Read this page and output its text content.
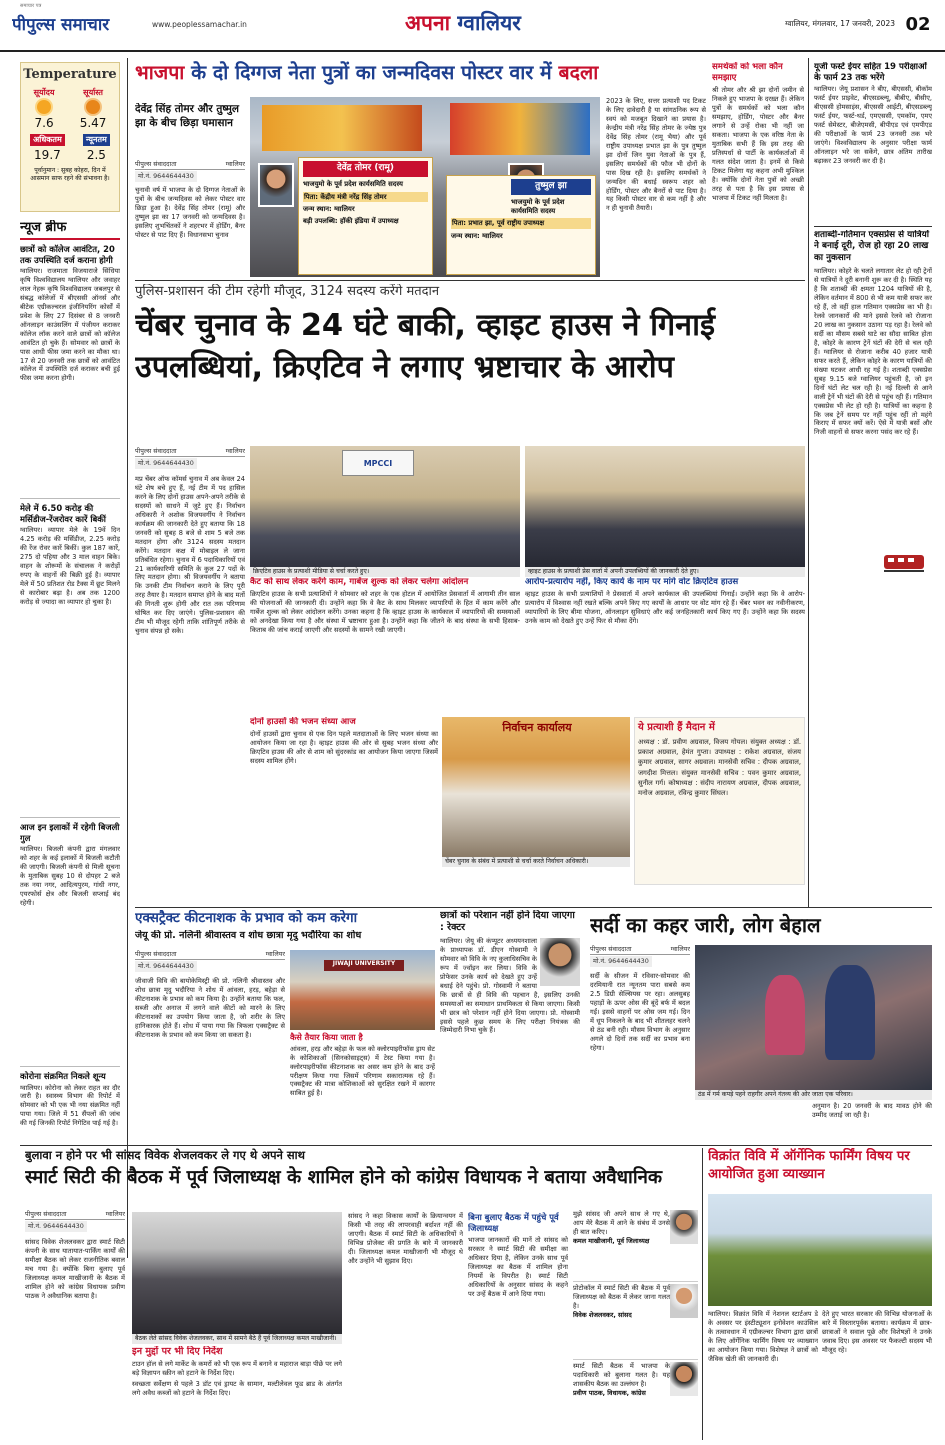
पीपुल्स समाचार
समाचार पत्र
www.peoplessamachar.in	अपना ग्वालियर	ग्वालियर, मंगलवार, 17 जनवरी, 2023 02
Temperature
सूर्योदय
7.6
सूर्यास्त
5.47
अधिकतम	न्यूनतम
19.7 2.5
पूर्वानुमान : सुबह कोहरा, दिन में आसमान साफ रहने की संभावना है।
न्यूज ब्रीफ
छात्रों को कॉलेज आवंटित, 20 तक उपस्थिति दर्ज कराना होगी
ग्वालियर। राजमाता विजयाराजे सिंधिया कृषि विश्वविद्यालय ग्वालियर और जवाहर लाल नेहरू कृषि विश्वविद्यालय जबलपुर से संबद्ध कॉलेजों में बीएससी ऑनर्स और बीटेक एग्रीकल्चरल इंजीनियरिंग कोर्सों में प्रवेश के लिए 27 दिसंबर से 8 जनवरी ऑनलाइन काउंसलिंग में पंजीयन कराकर कॉलेज लॉक करने वाले छात्रों को कॉलेज आवंटित हो चुके हैं। सोमवार को छात्रों के पास आधी फीस जमा करने का मौका था। 17 से 20 जनवरी तक छात्रों को आवंटित कॉलेज में उपस्थिति दर्ज कराकर बची हुई फीस जमा करना होगी।
मेले में 6.50 करोड़ की मर्सिडीज-रेंजरोवर कारें बिकीं
ग्वालियर। व्यापार मेले के 19वें दिन 4.25 करोड़ की मर्सिडीज, 2.25 करोड़ की रेंज रोवर कारें बिकीं। कुल 187 कारें, 275 दो पहिया और 3 माल वाहन बिके। वाहन के शोरूमों के संचालक ने करोड़ों रुपए के वाहनों की बिक्री हुई है। व्यापार मेले में 50 प्रतिशत रोड टैक्स में छूट मिलने से कारोबार बढ़ा है। अब तक 1200 करोड़ से ज्यादा का व्यापार हो चुका है।
आज इन इलाकों में रहेगी बिजली गुल
ग्वालियर। बिजली कंपनी द्वारा मंगलवार को शहर के कई इलाकों में बिजली कटौती की जाएगी। बिजली कंपनी से मिली सूचना के मुताबिक सुबह 10 से दोपहर 2 बजे तक नया नगर, आदित्यपुरम, गांधी नगर, एयरफोर्स क्षेत्र और बिजली सप्लाई बंद रहेगी।
कोरोना संक्रमित निकले शून्य
ग्वालियर। कोरोना को लेकर राहत का दौर जारी है। स्वास्थ्य विभाग की रिपोर्ट में सोमवार को भी एक भी नया संक्रमित नहीं पाया गया। जिले में 51 सैंपलों की जांच की गई जिनकी रिपोर्ट निगेटिव पाई गई है।
भाजपा के दो दिग्गज नेता पुत्रों का जन्मदिवस पोस्टर वार में बदला
देवेंद्र सिंह तोमर और तुष्मुल झा के बीच छिड़ा घमासान
पीपुल्स संवाददाता	ग्वालियर
मो.नं. 9644644430
चुनावी वर्ष में भाजपा के दो दिग्गज नेताओं के पुत्रों के बीच जन्मदिवस को लेकर पोस्टर वार छिड़ा हुआ है। देवेंद्र सिंह तोमर (रामू) और तुष्मुल झा का 17 जनवरी को जन्मदिवस है। इसलिए शुभचिंतकों ने शहरभर में होर्डिंग, बैनर पोस्टर से पाट दिए हैं। विधानसभा चुनाव
देवेंद्र तोमर (रामू)
भाजयुमो के पूर्व प्रदेश कार्यसमिति सदस्य
पिता: केंद्रीय मंत्री नरेंद्र सिंह तोमर
जन्म स्थान: ग्वालियर
बड़ी उपलब्धि: हॉकी इंडिया में उपाध्यक्ष
तुष्मुल झा
भाजयुमो के पूर्व प्रदेश कार्यसमिति सदस्य
पिता: प्रभात झा, पूर्व राष्ट्रीय उपाध्यक्ष
जन्म स्थान: ग्वालियर
2023 के लिए, सत्तर प्रत्याशी पद टिकट के लिए दावेदारी है या सांगठनिक रूप से स्वयं को मजबूत दिखाने का प्रयास है। केन्द्रीय मंत्री नरेंद्र सिंह तोमर के ज्येष्ठ पुत्र देवेंद्र सिंह तोमर (रामू भैया) और पूर्व राष्ट्रीय उपाध्यक्ष प्रभात झा के पुत्र तुष्मुल झा दोनों जिन युवा नेताओं के पुत्र हैं, इसलिए समर्थकों की फौज भी दोनों के पास दिख रही है। इसलिए समर्थकों ने जन्मदिन की बधाई स्वरूप शहर को होर्डिंग, पोस्टर और बैनरों से पाट दिया है। यह किसी पोस्टर वार से कम नहीं है और न ही चुनावी तैयारी।
समर्थकों को भला कौन समझाए
श्री तोमर और श्री झा दोनों जमीन से निकले हुए भाजपा के दरख़्त हैं। लेकिन पुत्रों के समर्थकों को भला कौन समझाए, होर्डिंग, पोस्टर और बैनर लगाने से उन्हें रोका भी नहीं जा सकता। भाजपा के एक वरिष्ठ नेता के मुताबिक सभी हैं कि इस तरह की प्रतिस्पर्धा से पार्टी के कार्यकर्ताओं में गलत संदेश जाता है। इनमें से किसे टिकट मिलेगा यह कहना अभी मुश्किल है। क्योंकि दोनों नेता पुत्रों को अच्छी तरह से पता है कि इस प्रयास से भाजपा में टिकट नहीं मिलता है।
यूजी फर्स्ट ईयर सहित 19 परीक्षाओं के फार्म 23 तक भरेंगे
ग्वालियर। जेयू प्रशासन ने बीए, बीएससी, बीकॉम फर्स्ट ईयर प्राइवेट, बीएसडब्ल्यू, बीबीए, बीसीए, बीएससी होमसाइंस, बीएससी आईटी, बीएसडब्ल्यू फर्स्ट ईयर, फर्स्ट-थर्ड, एमएससी, एमकॉम, एमए फर्स्ट सेमेस्टर, बीजेएमसी, बीपीएड एवं एमपीएड की परीक्षाओं के फार्म 23 जनवरी तक भरे जाएंगे। विश्वविद्यालय के अनुसार परीक्षा फार्म ऑनलाइन भरे जा सकेंगे, छात्र अंतिम तारीख बढ़ाकर 23 जनवरी कर दी है।
शताब्दी-गतिमान एक्सप्रेस से यात्रियों ने बनाई दूरी, रोज हो रहा 20 लाख का नुकसान
ग्वालियर। कोहरे के चलते लगातार लेट हो रही ट्रेनों से यात्रियों ने दूरी बनानी शुरू कर दी है। स्थिति यह है कि शताब्दी की क्षमता 1204 यात्रियों की है, लेकिन वर्तमान में 800 से भी कम यात्री सफर कर रहे हैं, तो वहीं हाल गतिमान एक्सप्रेस का भी है। रेलवे जानकारों की माने इससे रेलवे को रोजाना 20 लाख का नुकसान उठाना पड़ रहा है। रेलवे को सर्दी का मौसम सबसे घाटे का सौदा साबित होता है, कोहरे के कारण ट्रेनें घंटों की देरी से चल रही हैं। ग्वालियर से रोजाना करीब 40 हजार यात्री सफर करते हैं, लेकिन कोहरे के कारण यात्रियों की संख्या घटकर आधी रह गई है। शताब्दी एक्सप्रेस सुबह 9.15 बजे ग्वालियर पहुंचती है, जो इन दिनों घंटों लेट चल रही है। नई दिल्ली से आने वाली ट्रेनें भी घंटों की देरी से पहुंच रही हैं। गतिमान एक्सप्रेस भी लेट हो रही है। यात्रियों का कहना है कि जब ट्रेनें समय पर नहीं पहुंच रहीं तो महंगे किराए में सफर क्यों करें। ऐसे में यात्री बसों और निजी वाहनों से सफर करना पसंद कर रहे हैं।
पुलिस-प्रशासन की टीम रहेगी मौजूद, 3124 सदस्य करेंगे मतदान
चेंबर चुनाव के 24 घंटे बाकी, व्हाइट हाउस ने गिनाई उपलब्धियां, क्रिएटिव ने लगाए भ्रष्टाचार के आरोप
पीपुल्स संवाददाता	ग्वालियर
मो.नं. 9644644430
मप्र चेंबर ऑफ कॉमर्स चुनाव में अब केवल 24 घंटे शेष बचे हुए हैं, नई टीम में पद हासिल करने के लिए दोनों हाउस अपने-अपने तरीके से सदस्यों को साधने में जुटे हुए हैं। निर्वाचन अधिकारी ने अशोक विजयवर्गीय ने निर्वाचन कार्यक्रम की जानकारी देते हुए बताया कि 18 जनवरी को सुबह 8 बजे से शाम 5 बजे तक मतदान होगा और 3124 सदस्य मतदान करेंगे। मतदान कक्ष में मोबाइल ले जाना प्रतिबंधित रहेगा। चुनाव में 6 पदाधिकारियों एवं 21 कार्यकारिणी समिति के कुल 27 पदों के लिए मतदान होगा। श्री विजयवर्गीय ने बताया कि उनकी टीम निर्वाचन कराने के लिए पूरी तरह तैयार है। मतदान समाप्त होने के बाद मतों की गिनती शुरू होगी और रात तक परिणाम घोषित कर दिए जाएंगे। पुलिस-प्रशासन की टीम भी मौजूद रहेगी ताकि शांतिपूर्ण तरीके से चुनाव संपन्न हो सके।
MPCCI
क्रिएटिव हाउस के प्रत्याशी मीडिया से चर्चा करते हुए।	व्हाइट हाउस के प्रत्याशी प्रेस वार्ता में अपनी उपलब्धियों की जानकारी देते हुए।
कैट को साथ लेकर करेंगे काम, गार्बेज शुल्क को लेकर चलेगा आंदोलन
क्रिएटिव हाउस के सभी प्रत्याशियों ने सोमवार को शहर के एक होटल में आयोजित प्रेसवार्ता में आगामी तीन साल की योजनाओं की जानकारी दी। उन्होंने कहा कि वे कैट के साथ मिलकर व्यापारियों के हित में काम करेंगे और गार्बेज शुल्क को लेकर आंदोलन करेंगे। उनका कहना है कि व्हाइट हाउस के कार्यकाल में व्यापारियों की समस्याओं को अनदेखा किया गया है और संस्था में भ्रष्टाचार हुआ है। उन्होंने कहा कि जीतने के बाद संस्था के सभी हिसाब-किताब की जांच कराई जाएगी और सदस्यों के सामने रखी जाएगी।
आरोप-प्रत्यारोप नहीं, किए कार्य के नाम पर मांगे वोट क्रिएटिव हाउस
व्हाइट हाउस के सभी प्रत्याशियों ने प्रेसवार्ता में अपने कार्यकाल की उपलब्धियां गिनाईं। उन्होंने कहा कि वे आरोप-प्रत्यारोप में विश्वास नहीं रखते बल्कि अपने किए गए कार्यों के आधार पर वोट मांग रहे हैं। चेंबर भवन का नवीनीकरण, व्यापारियों के लिए बीमा योजना, ऑनलाइन सुविधाएं और कई जनहितकारी कार्य किए गए हैं। उन्होंने कहा कि सदस्य उनके काम को देखते हुए उन्हें फिर से मौका देंगे।
दोनों हाउसों की भजन संध्या आज
दोनों हाउसों द्वारा चुनाव से एक दिन पहले मतदाताओं के लिए भजन संध्या का आयोजन किया जा रहा है। व्हाइट हाउस की ओर से सुबह भजन संध्या और क्रिएटिव हाउस की ओर से शाम को सुंदरकांड का आयोजन किया जाएगा जिसमें सदस्य शामिल होंगे।
निर्वाचन कार्यालय
चेंबर चुनाव के संबंध में प्रत्याशी से चर्चा करते निर्वाचन अधिकारी।
ये प्रत्याशी हैं मैदान में
अध्यक्ष : डॉ. प्रवीण अग्रवाल, विजय गोयल। संयुक्त अध्यक्ष : डॉ. प्रकाश अग्रवाल, हेमंत गुप्ता। उपाध्यक्ष : राकेश अग्रवाल, संजय कुमार अग्रवाल, सागर अग्रवाल। मानसेवी सचिव : दीपक अग्रवाल, जगदीश मित्तल। संयुक्त मानसेवी सचिव : पवन कुमार अग्रवाल, सुनील गर्ग। कोषाध्यक्ष : संदीप नारायण अग्रवाल, दीपक अग्रवाल, मनोज अग्रवाल, रविन्द्र कुमार सिंघल।
एक्सट्रैक्ट कीटनाशक के प्रभाव को कम करेगा
जेयू की प्रो. नलिनी श्रीवास्तव व शोध छात्रा मृदु भदौरिया का शोध
पीपुल्स संवाददाता	ग्वालियर
मो.नं. 9644644430
जीवाजी विवि की बायोकेमिस्ट्री की प्रो. नलिनी श्रीवास्तव और शोध छात्रा मृदु भदौरिया ने शोध में आंवला, हरड़, बहेड़ा से कीटनाशक के प्रभाव को कम किया है। उन्होंने बताया कि फल, सब्जी और अनाज में लगने वाले कीटों को मारने के लिए कीटनाशकों का उपयोग किया जाता है, जो शरीर के लिए हानिकारक होते हैं। शोध में पाया गया कि त्रिफला एक्सट्रैक्ट से कीटनाशक के प्रभाव को कम किया जा सकता है।
JIWAJI UNIVERSITY
कैसे तैयार किया जाता है
आंवला, हरड़ और बहेड़ा के फल को क्लोरपाइरीफॉस ड्राय सेट के कोशिकाओं (सिनकोसाइट्स) में टेस्ट किया गया है। क्लोरपाइरीफॉस कीटनाशक का असर कम होने के बाद उन्हें परीक्षण किया गया जिसमें परिणाम सकारात्मक रहे हैं। एक्सट्रैक्ट की मात्रा कोशिकाओं को सुरक्षित रखने में कारगर साबित हुई है।
छात्रों को परेशान नहीं होने दिया जाएगा : रेक्टर
ग्वालियर। जेयू की कंप्यूटर अध्ययनशाला के प्राध्यापक डॉ. डीएन गोस्वामी ने सोमवार को विवि के नए कुलाधिसचिव के रूप में ज्वॉइन कर लिया। विवि के प्रोफेसर उनके कार्य को देखते हुए उन्हें बधाई देने पहुंचे। प्रो. गोस्वामी ने बताया कि छात्रों से ही विवि की पहचान है, इसलिए उनकी समस्याओं का समाधान प्राथमिकता से किया जाएगा। किसी भी छात्र को परेशान नहीं होने दिया जाएगा। प्रो. गोस्वामी इससे पहले कुछ समय के लिए परीक्षा नियंत्रक की जिम्मेदारी निभा चुके हैं।
सर्दी का कहर जारी, लोग बेहाल
पीपुल्स संवाददाता	ग्वालियर
मो.नं. 9644644430
सर्दी के सीजन में रविवार-सोमवार की दरमियानी रात न्यूनतम पारा सबसे कम 2.5 डिग्री सेल्सियस पर रहा। अलसुबह पहाड़ों के ऊपर ओस की बूंदें बर्फ में बदल गईं। इससे वाहनों पर ओस जम गई। दिन में धूप निकलने के बाद भी शीतलहर चलने से ठंड बनी रही। मौसम विभाग के अनुसार अगले दो दिनों तक सर्दी का प्रभाव बना रहेगा।
ठंड में गर्म कपड़े पहने राहगीर अपने गंतव्य की ओर जाता एक परिवार।
अनुमान है। 20 जनवरी के बाद मावठ होने की उम्मीद जताई जा रही है।
बुलावा न होने पर भी सांसद विवेक शेजलवकर ले गए थे अपने साथ
स्मार्ट सिटी की बैठक में पूर्व जिलाध्यक्ष के शामिल होने को कांग्रेस विधायक ने बताया अवैधानिक
पीपुल्स संवाददाता	ग्वालियर
मो.नं. 9644644430
सांसद विवेक शेजलवकर द्वारा स्मार्ट सिटी कंपनी के साथ यातायात-पार्किंग कार्यों की समीक्षा बैठक को लेकर राजनीतिक बवाल मच गया है। क्योंकि बिना बुलाए पूर्व जिलाध्यक्ष कमल माखीजानी के बैठक में शामिल होने को कांग्रेस विधायक प्रवीण पाठक ने अवैधानिक बताया है।
बैठक लेते सांसद विवेक शेजलवकर, साथ में सामने बैठे हैं पूर्व जिलाध्यक्ष कमल माखीजानी।
इन मुद्दों पर भी दिए निर्देश
टाउन हॉल से लगे मार्केट के कमरों को भी एक रूप में बनाने व महाराज बाड़ा पीछे पर लगे बड़े विज्ञापन स्क्रीन को हटाने के निर्देश दिए।
स्वच्छता सर्वेक्षण से पहले 3 डॉट एवं ड्रायट के सामान, मल्टीलेवल फूड ब्राड के अंतर्गत लगे अवैध कब्जों को हटाने के निर्देश दिए।
सांसद ने कहा विकास कार्यों के क्रियान्वयन में किसी भी तरह की लापरवाही बर्दाश्त नहीं की जाएगी। बैठक में स्मार्ट सिटी के अधिकारियों ने विभिन्न प्रोजेक्ट की प्रगति के बारे में जानकारी दी। जिलाध्यक्ष कमल माखीजानी भी मौजूद थे और उन्होंने भी सुझाव दिए।
बिना बुलाए बैठक में पहुंचे पूर्व जिलाध्यक्ष
भाजपा जानकारों की मानें तो सांसद को सरकार ने स्मार्ट सिटी की समीक्षा का अधिकार दिया है, लेकिन उनके साथ पूर्व जिलाध्यक्ष का बैठक में शामिल होना नियमों के विपरीत है। स्मार्ट सिटी अधिकारियों के अनुसार सांसद के कहने पर उन्हें बैठक में आने दिया गया।
मुझे सांसद जी अपने साथ ले गए थे, आप मेरे बैठक में आने के संबंध में उनसे ही बात करिए।
कमल माखीजानी, पूर्व जिलाध्यक्ष
प्रोटोकॉल में स्मार्ट सिटी की बैठक में पूर्व जिलाध्यक्ष को बैठक में लेकर जाना गलत है।
विवेक शेजलवकर, सांसद
स्मार्ट सिटी बैठक में भाजपा के पदाधिकारी को बुलाना गलत है। यह शासकीय बैठक का उल्लंघन है।
प्रवीण पाठक, विधायक, कांग्रेस
विक्रांत विवि में ऑर्गेनिक फार्मिंग विषय पर आयोजित हुआ व्याख्यान
ग्वालियर। विक्रांत विवि में नेशनल स्टार्टअप डे के अवसर पर इंस्टीट्यूशन इनोवेशन काउंसिल के तत्वावधान में एग्रीकल्चर विभाग द्वारा छात्रों के लिए ऑर्गेनिक फार्मिंग विषय पर व्याख्यान का आयोजन किया गया। विशेषज्ञ ने छात्रों को जैविक खेती की जानकारी दी।
देते हुए भारत सरकार की विभिन्न योजनाओं के बारे में विस्तारपूर्वक बताया। कार्यक्रम में छात्र-छात्राओं ने सवाल पूछे और विशेषज्ञों ने उनके जवाब दिए। इस अवसर पर फैकल्टी सदस्य भी मौजूद रहे।
